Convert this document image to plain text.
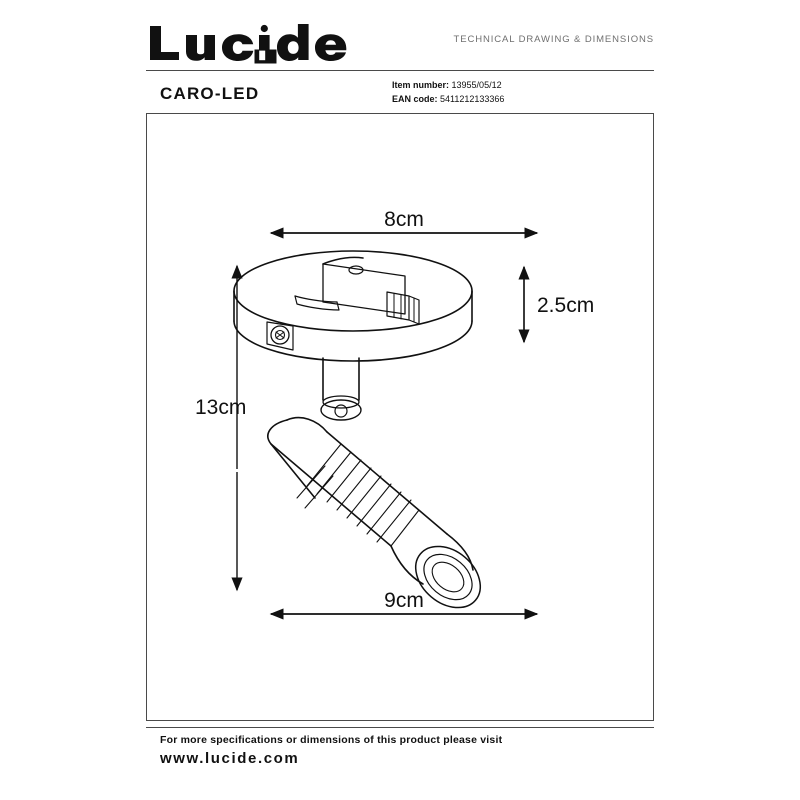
TECHNICAL DRAWING & DIMENSIONS
CARO-LED	Item number: 13955/05/12
EAN code: 5411212133366
8cm
2.5cm
13cm
9cm
For more specifications or dimensions of this product please visit
www.lucide.com
